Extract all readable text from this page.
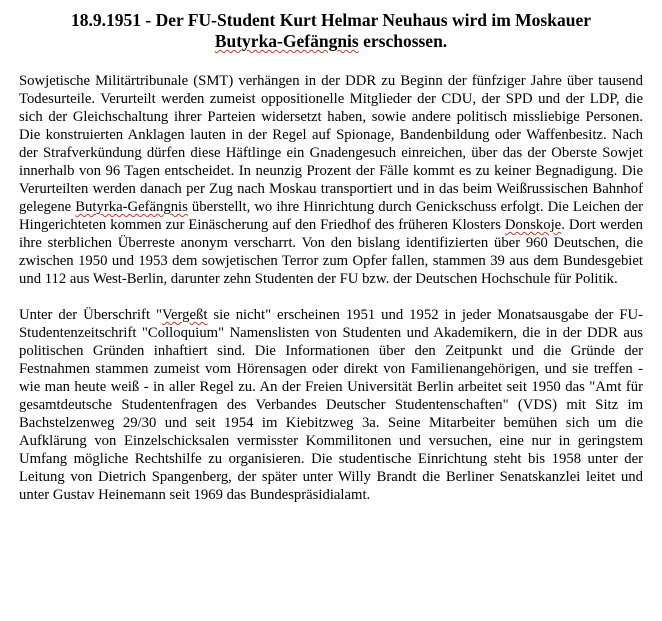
18.9.1951 - Der FU-Student Kurt Helmar Neuhaus wird im Moskauer
Butyrka-Gefängnis erschossen.

Sowjetische Militärtribunale (SMT) verhängen in der DDR zu Beginn der fünfziger Jahre über tausend Todesurteile. Verurteilt werden zumeist oppositionelle Mitglieder der CDU, der SPD und der LDP, die sich der Gleichschaltung ihrer Parteien widersetzt haben, sowie andere politisch missliebige Personen. Die konstruierten Anklagen lauten in der Regel auf Spionage, Bandenbildung oder Waffenbesitz. Nach der Strafverkündung dürfen diese Häftlinge ein Gnadengesuch einreichen, über das der Oberste Sowjet innerhalb von 96 Tagen entscheidet. In neunzig Prozent der Fälle kommt es zu keiner Begnadigung. Die Verurteilten werden danach per Zug nach Moskau transportiert und in das beim Weißrussischen Bahnhof gelegene Butyrka-Gefängnis überstellt, wo ihre Hinrichtung durch Genickschuss erfolgt. Die Leichen der Hingerichteten kommen zur Einäscherung auf den Friedhof des früheren Klosters Donskoje. Dort werden ihre sterblichen Überreste anonym verscharrt. Von den bislang identifizierten über 960 Deutschen, die zwischen 1950 und 1953 dem sowjetischen Terror zum Opfer fallen, stammen 39 aus dem Bundesgebiet und 112 aus West-Berlin, darunter zehn Studenten der FU bzw. der Deutschen Hochschule für Politik.

Unter der Überschrift "Vergeßt sie nicht" erscheinen 1951 und 1952 in jeder Monatsausgabe der FU-Studentenzeitschrift "Colloquium" Namenslisten von Studenten und Akademikern, die in der DDR aus politischen Gründen inhaftiert sind. Die Informationen über den Zeitpunkt und die Gründe der Festnahmen stammen zumeist vom Hörensagen oder direkt von Familienangehörigen, und sie treffen - wie man heute weiß - in aller Regel zu. An der Freien Universität Berlin arbeitet seit 1950 das "Amt für gesamtdeutsche Studentenfragen des Verbandes Deutscher Studentenschaften" (VDS) mit Sitz im Bachstelzenweg 29/30 und seit 1954 im Kiebitzweg 3a. Seine Mitarbeiter bemühen sich um die Aufklärung von Einzelschicksalen vermisster Kommilitonen und versuchen, eine nur in geringstem Umfang mögliche Rechtshilfe zu organisieren. Die studentische Einrichtung steht bis 1958 unter der Leitung von Dietrich Spangenberg, der später unter Willy Brandt die Berliner Senatskanzlei leitet und unter Gustav Heinemann seit 1969 das Bundespräsidialamt.
